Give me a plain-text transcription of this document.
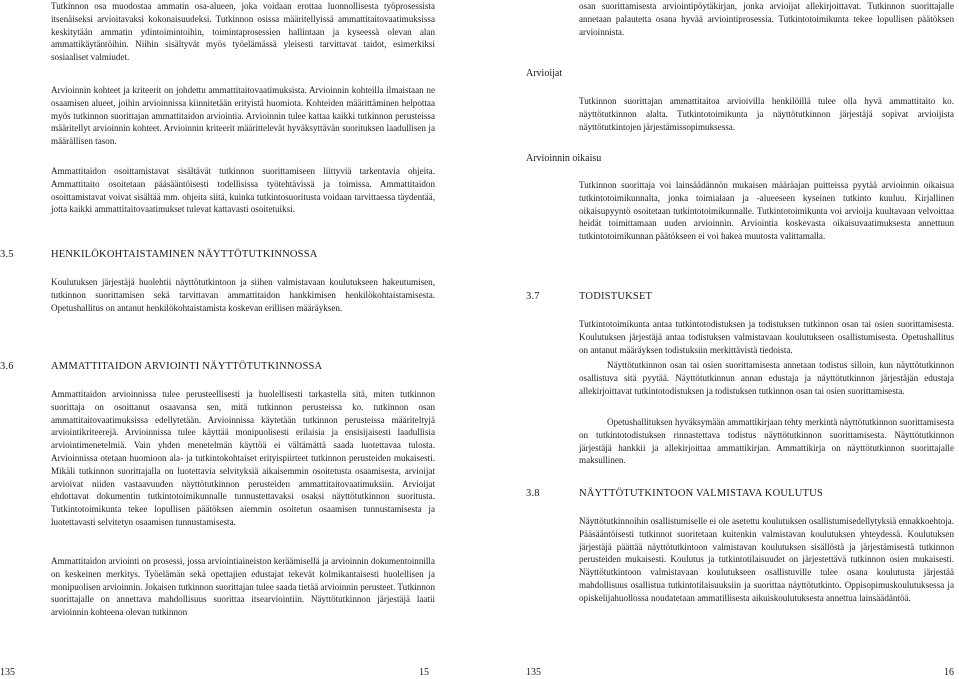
Tutkinnon osa muodostaa ammatin osa-alueen, joka voidaan erottaa luonnollisesta työprosessista itsenäiseksi arvioitavaksi kokonaisuudeksi. Tutkinnon osissa määritellyissä ammattitaitovaatimuksissa keskitytään ammatin ydintoimintoihin, toimintaprosessien hallintaan ja kyseessä olevan alan ammattikäytäntöihin. Niihin sisältyvät myös työelämässä yleisesti tarvittavat taidot, esimerkiksi sosiaaliset valmiudet.
Arvioinnin kohteet ja kriteerit on johdettu ammattitaitovaatimuksista. Arvioinnin kohteilla ilmaistaan ne osaamisen alueet, joihin arvioinnissa kiinnitetään erityistä huomiota. Kohteiden määrittäminen helpottaa myös tutkinnon suorittajan ammattitaidon arviointia. Arvioinnin tulee kattaa kaikki tutkinnon perusteissa määritellyt arvioinnin kohteet. Arvioinnin kriteerit määrittelevät hyväksyttävän suorituksen laadullisen ja määrällisen tason.
Ammattitaidon osoittamistavat sisältävät tutkinnon suorittamiseen liittyviä tarkentavia ohjeita. Ammattitaito osoitetaan pääsääntöisesti todellisissa työtehtävissä ja toimissa. Ammattitaidon osoittamistavat voivat sisältää mm. ohjeita siitä, kuinka tutkintosuoritusta voidaan tarvittaessa täydentää, jotta kaikki ammattitaitovaatimukset tulevat kattavasti osoitetuiksi.
3.5	HENKILÖKOHTAISTAMINEN NÄYTTÖTUTKINNOSSA
Koulutuksen järjestäjä huolehtii näyttötutkintoon ja siihen valmistavaan koulutukseen hakeutumisen, tutkinnon suorittamisen sekä tarvittavan ammattitaidon hankkimisen henkilökohtaistamisesta. Opetushallitus on antanut henkilökohtaistamista koskevan erillisen määräyksen.
3.6	AMMATTITAIDON ARVIOINTI NÄYTTÖTUTKINNOSSA
Ammattitaidon arvioinnissa tulee perusteellisesti ja huolellisesti tarkastella sitä, miten tutkinnon suorittaja on osoittanut osaavansa sen, mitä tutkinnon perusteissa ko. tutkinnon osan ammattitaitovaatimuksissa edellytetään. Arvioinnissa käytetään tutkinnon perusteissa määriteltyjä arviointikriteerejä. Arvioinnissa tulee käyttää monipuolisesti erilaisia ja ensisijaisesti laadullisia arviointimenetelmiä. Vain yhden menetelmän käyttöä ei vältämättä saada luotettavaa tulosta. Arvioinnissa otetaan huomioon ala- ja tutkintokohtaiset erityispiirteet tutkinnon perusteiden mukaisesti. Mikäli tutkinnon suorittajalla on luotettavia selvityksiä aikaisemmin osoitetusta osaamisesta, arvioijat arvioivat niiden vastaavuuden näyttötutkinnon perusteiden ammattitaitovaatimuksiin. Arvioijat ehdottavat dokumentin tutkintotoimikunnalle tunnustettavaksi osaksi näyttötutkinnon suoritusta. Tutkintotoimikunta tekee lopullisen päätöksen aiemmin osoitetun osaamisen tunnustamisesta ja luotettavasti selvitetyn osaamisen tunnustamisesta.
Ammattitaidon arviointi on prosessi, jossa arviointiaineiston keräämisellä ja arvioinnin dokumentoinnilla on keskeinen merkitys. Työelämän sekä opettajien edustajat tekevät kolmikantaisesti huolellisen ja monipuolisen arvioinnin. Jokaisen tutkinnon suorittajan tulee saada tietää arvioinnin perusteet. Tutkinnon suorittajalle on annettava mahdollisuus suorittaa itsearviointiin. Näyttötutkinnon järjestäjä laatii arvioinnin kohteena olevan tutkinnon
135	15
osan suorittamisesta arviointipöytäkirjan, jonka arvioijat allekirjoittavat. Tutkinnon suorittajalle annetaan palautetta osana hyvää arviointiprosessia. Tutkintotoimikunta tekee lopullisen päätöksen arvioinnista.
Arvioijat
Tutkinnon suorittajan ammattitaitoa arvioivilla henkilöillä tulee olla hyvä ammattitaito ko. näyttötutkinnon alalta. Tutkintotoimikunta ja näyttötutkinnon järjestäjä sopivat arvioijista näyttötutkintojen järjestämissopimuksessa.
Arvioinnin oikaisu
Tutkinnon suorittaja voi lainsäädännön mukaisen määräajan puitteissa pyytää arvioinnin oikaisua tutkintotoimikunnalta, jonka toimialaan ja -alueeseen kyseinen tutkinto kuuluu. Kirjallinen oikaisupyyntö osoitetaan tutkintotoimikunnalle. Tutkintotoimikunta voi arvioija kuultavaan velvoittaa heidät toimittamaan uuden arvioinnin. Arviointia koskevasta oikaisuvaatimuksesta annettuun tutkintotoimikunnan päätökseen ei voi hakea muutosta valittamalla.
3.7	TODISTUKSET
Tutkintotoimikunta antaa tutkintotodistuksen ja todistuksen tutkinnon osan tai osien suorittamisesta. Koulutuksen järjestäjä antaa todistuksen valmistavaan koulutukseen osallistumisesta. Opetushallitus on antanut määräyksen todistuksiin merkittävistä tiedoista.
Näyttötutkinnon osan tai osien suorittamisesta annetaan todistus silloin, kun näyttötutkinnon osallistuva sitä pyytää. Näyttötutkinnun annan edustaja ja näyttötutkinnon järjestäjän edustaja allekirjoittavat tutkintotodistuksen ja todistuksen tutkinnon osan tai osien suorittamisesta.
Opetushallituksen hyväksymään ammattikirjaan tehty merkintä näyttötutkinnon suorittamisesta on tutkintotodistuksen rinnastettava todistus näyttötutkinnon suorittamisesta. Näyttötutkinnon järjestäjä hankkii ja allekirjoittaa ammattikirjan. Ammattikirja on näyttötutkinnon suorittajalle maksullinen.
3.8	NÄYTTÖTUTKINTOON VALMISTAVA KOULUTUS
Näyttötutkinnoihin osallistumiselle ei ole asetettu koulutuksen osallistumisedellytyksiä ennakkoehtoja. Pääsääntöisesti tutkinnot suoritetaan kuitenkin valmistavan koulutuksen yhteydessä. Koulutuksen järjestäjä päättää näyttötutkintoon valmistavan koulutuksen sisällöstä ja järjestämisestä tutkinnon perusteiden mukaisesti. Koulutus ja tutkintotilaisuudet on järjestettävä tutkinnon osien mukaisesti. Näyttötutkintoon valmistavaan koulutukseen osallistuville tulee osana koulutusta järjestää mahdollisuus osallistua tutkintotilaisuuksiin ja suorittaa näyttötutkinto. Oppisopimuskoulutuksessa ja opiskelijahuollossa noudatetaan ammatillisesta aikuiskoulutuksesta annettua lainsäädäntöä.
135	16
